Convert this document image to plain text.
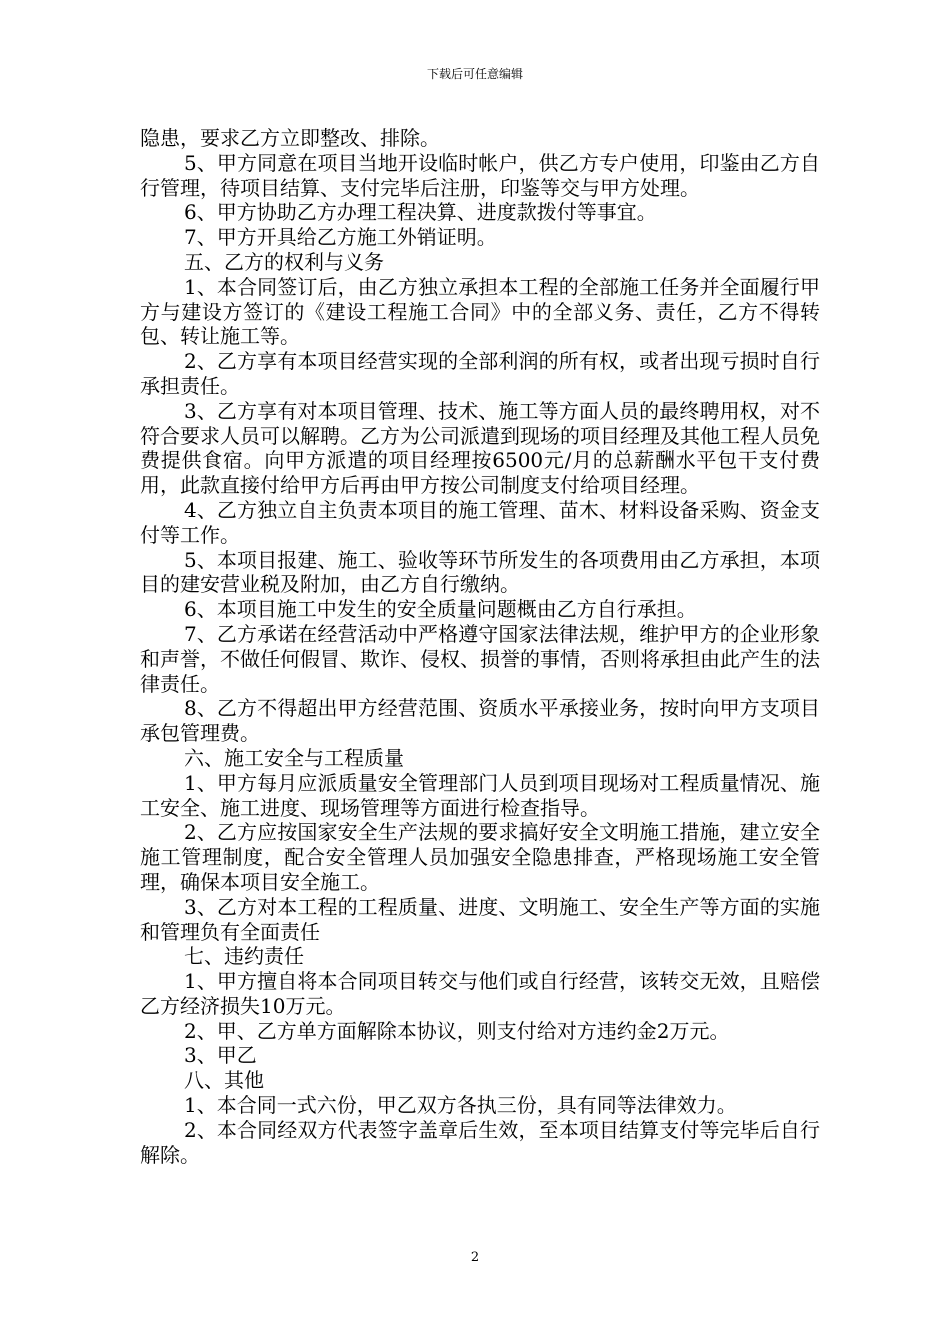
下载后可任意编辑

隐患，要求乙方立即整改、排除。

5、甲方同意在项目当地开设临时帐户，供乙方专户使用，印鉴由乙方自行管理，待项目结算、支付完毕后注册，印鉴等交与甲方处理。

6、甲方协助乙方办理工程决算、进度款拨付等事宜。

7、甲方开具给乙方施工外销证明。

五、乙方的权利与义务

1、本合同签订后，由乙方独立承担本工程的全部施工任务并全面履行甲方与建设方签订的《建设工程施工合同》中的全部义务、责任，乙方不得转包、转让施工等。

2、乙方享有本项目经营实现的全部利润的所有权，或者出现亏损时自行承担责任。

3、乙方享有对本项目管理、技术、施工等方面人员的最终聘用权，对不符合要求人员可以解聘。乙方为公司派遣到现场的项目经理及其他工程人员免费提供食宿。向甲方派遣的项目经理按6500元/月的总薪酬水平包干支付费用，此款直接付给甲方后再由甲方按公司制度支付给项目经理。

4、乙方独立自主负责本项目的施工管理、苗木、材料设备采购、资金支付等工作。

5、本项目报建、施工、验收等环节所发生的各项费用由乙方承担，本项目的建安营业税及附加，由乙方自行缴纳。

6、本项目施工中发生的安全质量问题概由乙方自行承担。

7、乙方承诺在经营活动中严格遵守国家法律法规，维护甲方的企业形象和声誉，不做任何假冒、欺诈、侵权、损誉的事情，否则将承担由此产生的法律责任。

8、乙方不得超出甲方经营范围、资质水平承接业务，按时向甲方支项目承包管理费。

六、施工安全与工程质量

1、甲方每月应派质量安全管理部门人员到项目现场对工程质量情况、施工安全、施工进度、现场管理等方面进行检查指导。

2、乙方应按国家安全生产法规的要求搞好安全文明施工措施，建立安全施工管理制度，配合安全管理人员加强安全隐患排查，严格现场施工安全管理，确保本项目安全施工。

3、乙方对本工程的工程质量、进度、文明施工、安全生产等方面的实施和管理负有全面责任

七、违约责任

1、甲方擅自将本合同项目转交与他们或自行经营，该转交无效，且赔偿乙方经济损失10万元。

2、甲、乙方单方面解除本协议，则支付给对方违约金2万元。

3、甲乙

八、其他

1、本合同一式六份，甲乙双方各执三份，具有同等法律效力。

2、本合同经双方代表签字盖章后生效，至本项目结算支付等完毕后自行解除。

2
